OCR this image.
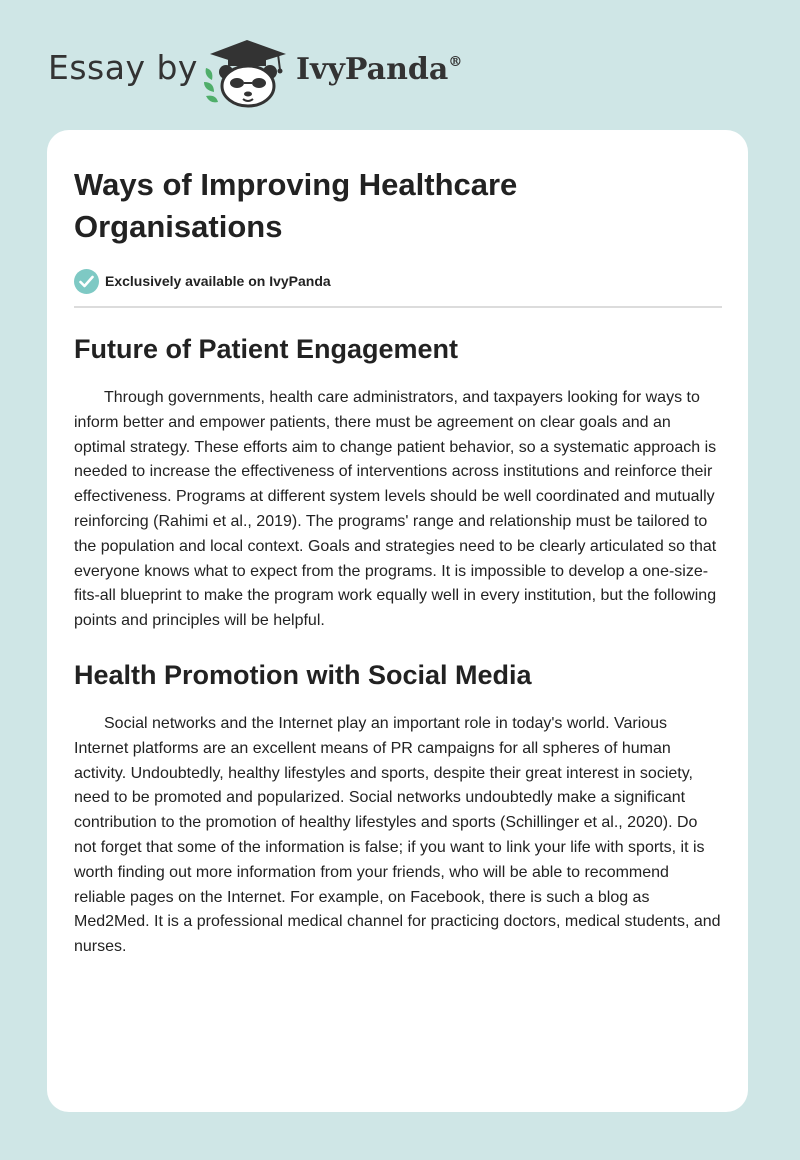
Essay by	IvyPanda®
Ways of Improving Healthcare Organisations
Exclusively available on IvyPanda
Future of Patient Engagement

Through governments, health care administrators, and taxpayers looking for ways to inform better and empower patients, there must be agreement on clear goals and an optimal strategy. These efforts aim to change patient behavior, so a systematic approach is needed to increase the effectiveness of interventions across institutions and reinforce their effectiveness. Programs at different system levels should be well coordinated and mutually reinforcing (Rahimi et al., 2019). The programs' range and relationship must be tailored to the population and local context. Goals and strategies need to be clearly articulated so that everyone knows what to expect from the programs. It is impossible to develop a one-size-fits-all blueprint to make the program work equally well in every institution, but the following points and principles will be helpful.

Health Promotion with Social Media

Social networks and the Internet play an important role in today's world. Various Internet platforms are an excellent means of PR campaigns for all spheres of human activity. Undoubtedly, healthy lifestyles and sports, despite their great interest in society, need to be promoted and popularized. Social networks undoubtedly make a significant contribution to the promotion of healthy lifestyles and sports (Schillinger et al., 2020). Do not forget that some of the information is false; if you want to link your life with sports, it is worth finding out more information from your friends, who will be able to recommend reliable pages on the Internet. For example, on Facebook, there is such a blog as Med2Med. It is a professional medical channel for practicing doctors, medical students, and nurses.
